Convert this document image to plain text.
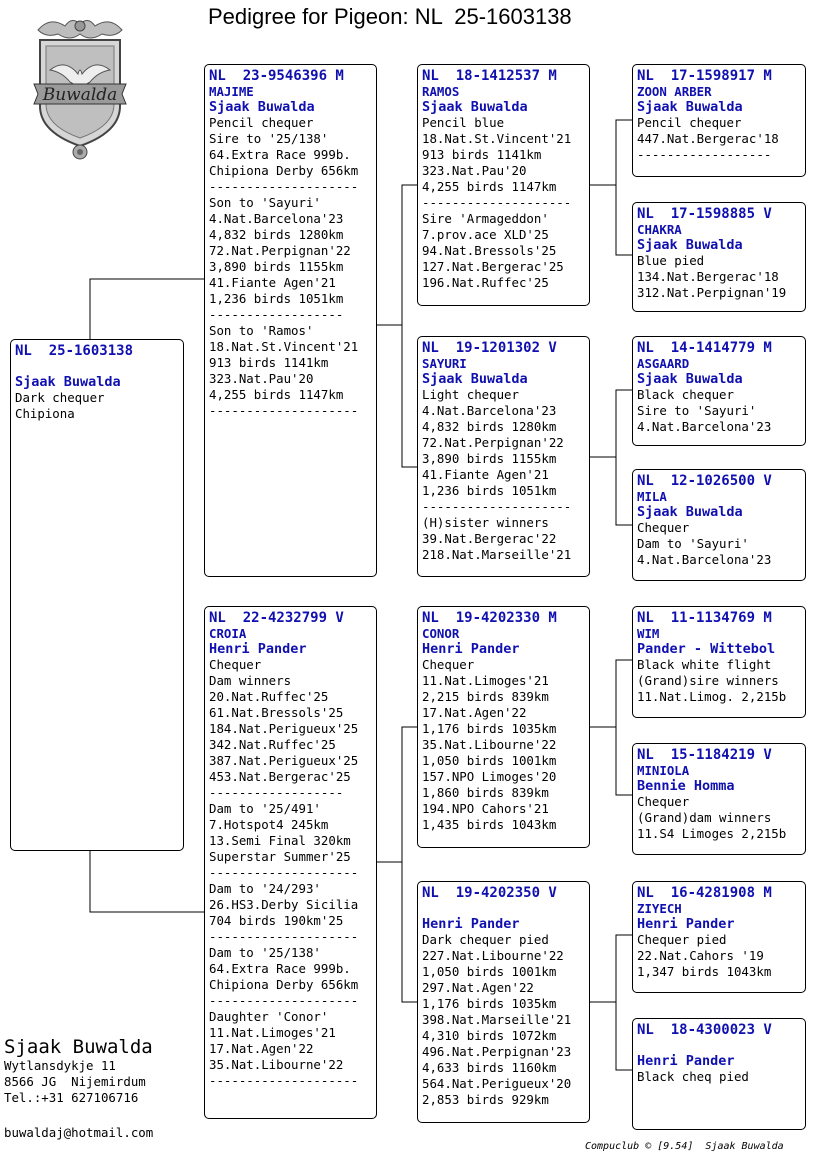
Pedigree for Pigeon: NL  25-1603138
Buwalda
NL  25-1603138
Sjaak Buwalda
Dark chequer
Chipiona
NL  23-9546396 M
MAJIME
Sjaak Buwalda
Pencil chequer
Sire to '25/138'
64.Extra Race 999b.
Chipiona Derby 656km
--------------------
Son to 'Sayuri'
4.Nat.Barcelona'23
4,832 birds 1280km
72.Nat.Perpignan'22
3,890 birds 1155km
41.Fiante Agen'21
1,236 birds 1051km
------------------
Son to 'Ramos'
18.Nat.St.Vincent'21
913 birds 1141km
323.Nat.Pau'20
4,255 birds 1147km
--------------------
NL  22-4232799 V
CROIA
Henri Pander
Chequer
Dam winners
20.Nat.Ruffec'25
61.Nat.Bressols'25
184.Nat.Perigueux'25
342.Nat.Ruffec'25
387.Nat.Perigueux'25
453.Nat.Bergerac'25
------------------
Dam to '25/491'
7.Hotspot4 245km
13.Semi Final 320km
Superstar Summer'25
--------------------
Dam to '24/293'
26.HS3.Derby Sicilia
704 birds 190km'25
--------------------
Dam to '25/138'
64.Extra Race 999b.
Chipiona Derby 656km
--------------------
Daughter 'Conor'
11.Nat.Limoges'21
17.Nat.Agen'22
35.Nat.Libourne'22
--------------------
NL  18-1412537 M
RAMOS
Sjaak Buwalda
Pencil blue
18.Nat.St.Vincent'21
913 birds 1141km
323.Nat.Pau'20
4,255 birds 1147km
--------------------
Sire 'Armageddon'
7.prov.ace XLD'25
94.Nat.Bressols'25
127.Nat.Bergerac'25
196.Nat.Ruffec'25
NL  19-1201302 V
SAYURI
Sjaak Buwalda
Light chequer
4.Nat.Barcelona'23
4,832 birds 1280km
72.Nat.Perpignan'22
3,890 birds 1155km
41.Fiante Agen'21
1,236 birds 1051km
--------------------
(H)sister winners
39.Nat.Bergerac'22
218.Nat.Marseille'21
NL  19-4202330 M
CONOR
Henri Pander
Chequer
11.Nat.Limoges'21
2,215 birds 839km
17.Nat.Agen'22
1,176 birds 1035km
35.Nat.Libourne'22
1,050 birds 1001km
157.NPO Limoges'20
1,860 birds 839km
194.NPO Cahors'21
1,435 birds 1043km
NL  19-4202350 V
Henri Pander
Dark chequer pied
227.Nat.Libourne'22
1,050 birds 1001km
297.Nat.Agen'22
1,176 birds 1035km
398.Nat.Marseille'21
4,310 birds 1072km
496.Nat.Perpignan'23
4,633 birds 1160km
564.Nat.Perigueux'20
2,853 birds 929km
NL  17-1598917 M
ZOON ARBER
Sjaak Buwalda
Pencil chequer
447.Nat.Bergerac'18
------------------
NL  17-1598885 V
CHAKRA
Sjaak Buwalda
Blue pied
134.Nat.Bergerac'18
312.Nat.Perpignan'19
NL  14-1414779 M
ASGAARD
Sjaak Buwalda
Black chequer
Sire to 'Sayuri'
4.Nat.Barcelona'23
NL  12-1026500 V
MILA
Sjaak Buwalda
Chequer
Dam to 'Sayuri'
4.Nat.Barcelona'23
NL  11-1134769 M
WIM
Pander - Wittebol
Black white flight
(Grand)sire winners
11.Nat.Limog. 2,215b
NL  15-1184219 V
MINIOLA
Bennie Homma
Chequer
(Grand)dam winners
11.S4 Limoges 2,215b
NL  16-4281908 M
ZIYECH
Henri Pander
Chequer pied
22.Nat.Cahors '19
1,347 birds 1043km
NL  18-4300023 V
Henri Pander
Black cheq pied
Sjaak Buwalda
Wytlansdykje 11
8566 JG  Nijemirdum
Tel.:+31 627106716
buwaldaj@hotmail.com
Compuclub © [9.54]  Sjaak Buwalda
